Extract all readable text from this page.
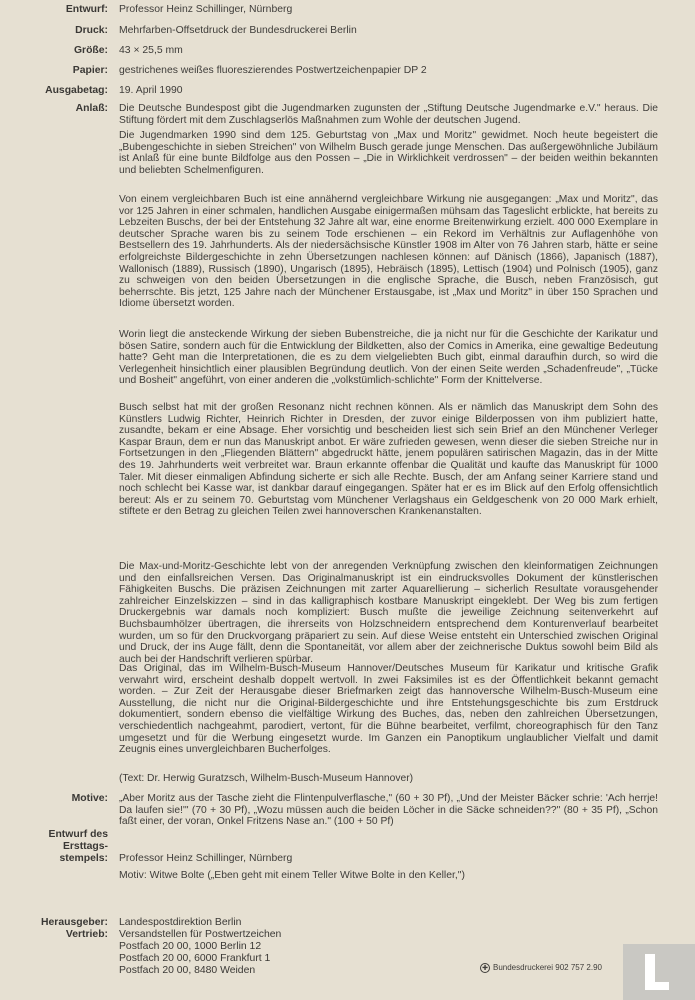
Entwurf: Professor Heinz Schillinger, Nürnberg
Druck: Mehrfarben-Offsetdruck der Bundesdruckerei Berlin
Größe: 43 × 25,5 mm
Papier: gestrichenes weißes fluoreszierendes Postwertzeichenpapier DP 2
Ausgabetag: 19. April 1990
Anlaß: Die Deutsche Bundespost gibt die Jugendmarken zugunsten der „Stiftung Deutsche Jugendmarke e.V." heraus. Die Stiftung fördert mit dem Zuschlagserlös Maßnahmen zum Wohle der deutschen Jugend.

Die Jugendmarken 1990 sind dem 125. Geburtstag von „Max und Moritz" gewidmet. Noch heute begeistert die „Bubengeschichte in sieben Streichen" von Wilhelm Busch gerade junge Menschen. Das außergewöhnliche Jubiläum ist Anlaß für eine bunte Bildfolge aus den Possen – „Die in Wirklichkeit verdrossen" – der beiden weithin bekannten und beliebten Schelmenfiguren.

Von einem vergleichbaren Buch ist eine annähernd vergleichbare Wirkung nie ausgegangen: „Max und Moritz", das vor 125 Jahren in einer schmalen, handlichen Ausgabe einigermaßen mühsam das Tageslicht erblickte, hat bereits zu Lebzeiten Buschs, der bei der Entstehung 32 Jahre alt war, eine enorme Breitenwirkung erzielt. 400 000 Exemplare in deutscher Sprache waren bis zu seinem Tode erschienen – ein Rekord im Verhältnis zur Auflagenhöhe von Bestsellern des 19. Jahrhunderts. Als der niedersächsische Künstler 1908 im Alter von 76 Jahren starb, hätte er seine erfolgreichste Bildergeschichte in zehn Übersetzungen nachlesen können: auf Dänisch (1866), Japanisch (1887), Wallonisch (1889), Russisch (1890), Ungarisch (1895), Hebräisch (1895), Lettisch (1904) und Polnisch (1905), ganz zu schweigen von den beiden Übersetzungen in die englische Sprache, die Busch, neben Französisch, gut beherrschte. Bis jetzt, 125 Jahre nach der Münchener Erstausgabe, ist „Max und Moritz" in über 150 Sprachen und Idiome übersetzt worden.

Worin liegt die ansteckende Wirkung der sieben Bubenstreiche, die ja nicht nur für die Geschichte der Karikatur und bösen Satire, sondern auch für die Entwicklung der Bildketten, also der Comics in Amerika, eine gewaltige Bedeutung hatte? Geht man die Interpretationen, die es zu dem vielgeliebten Buch gibt, einmal daraufhin durch, so wird die Verlegenheit hinsichtlich einer plausiblen Begründung deutlich. Von der einen Seite werden „Schadenfreude", „Tücke und Bosheit" angeführt, von einer anderen die „volkstümlich-schlichte" Form der Knittelverse.

Busch selbst hat mit der großen Resonanz nicht rechnen können. Als er nämlich das Manuskript dem Sohn des Künstlers Ludwig Richter, Heinrich Richter in Dresden, der zuvor einige Bilderpossen von ihm publiziert hatte, zusandte, bekam er eine Absage. Eher vorsichtig und bescheiden liest sich sein Brief an den Münchener Verleger Kaspar Braun, dem er nun das Manuskript anbot. Er wäre zufrieden gewesen, wenn dieser die sieben Streiche nur in Fortsetzungen in den „Fliegenden Blättern" abgedruckt hätte, jenem populären satirischen Magazin, das in der Mitte des 19. Jahrhunderts weit verbreitet war. Braun erkannte offenbar die Qualität und kaufte das Manuskript für 1000 Taler. Mit dieser einmaligen Abfindung sicherte er sich alle Rechte. Busch, der am Anfang seiner Karriere stand und noch schlecht bei Kasse war, ist dankbar darauf eingegangen. Später hat er es im Blick auf den Erfolg offensichtlich bereut: Als er zu seinem 70. Geburtstag vom Münchener Verlagshaus ein Geldgeschenk von 20 000 Mark erhielt, stiftete er den Betrag zu gleichen Teilen zwei hannoverschen Krankenanstalten.

Die Max-und-Moritz-Geschichte lebt von der anregenden Verknüpfung zwischen den kleinformatigen Zeichnungen und den einfallsreichen Versen. Das Originalmanuskript ist ein eindrucksvolles Dokument der künstlerischen Fähigkeiten Buschs. Die präzisen Zeichnungen mit zarter Aquarellierung – sicherlich Resultate vorausgehender zahlreicher Einzelskizzen – sind in das kalligraphisch kostbare Manuskript eingeklebt. Der Weg bis zum fertigen Druckergebnis war damals noch kompliziert: Busch mußte die jeweilige Zeichnung seitenverkehrt auf Buchsbaumhölzer übertragen, die ihrerseits von Holzschneidern entsprechend dem Konturenverlauf bearbeitet wurden, um so für den Druckvorgang präpariert zu sein. Auf diese Weise entsteht ein Unterschied zwischen Original und Druck, der ins Auge fällt, denn die Spontaneität, vor allem aber der zeichnerische Duktus sowohl beim Bild als auch bei der Handschrift verlieren spürbar.

Das Original, das im Wilhelm-Busch-Museum Hannover/Deutsches Museum für Karikatur und kritische Grafik verwahrt wird, erscheint deshalb doppelt wertvoll. In zwei Faksimiles ist es der Öffentlichkeit bekannt gemacht worden. – Zur Zeit der Herausgabe dieser Briefmarken zeigt das hannoversche Wilhelm-Busch-Museum eine Ausstellung, die nicht nur die Original-Bildergeschichte und ihre Entstehungsgeschichte bis zum Erstdruck dokumentiert, sondern ebenso die vielfältige Wirkung des Buches, das, neben den zahlreichen Übersetzungen, verschiedentlich nachgeahmt, parodiert, vertont, für die Bühne bearbeitet, verfilmt, choreographisch für den Tanz umgesetzt und für die Werbung eingesetzt wurde. Im Ganzen ein Panoptikum unglaublicher Vielfalt und damit Zeugnis eines unvergleichbaren Bucherfolges.

(Text: Dr. Herwig Guratzsch, Wilhelm-Busch-Museum Hannover)

Motive: „Aber Moritz aus der Tasche zieht die Flintenpulverflasche," (60 + 30 Pf), „Und der Meister Bäcker schrie: 'Ach herrje! Da laufen sie!'" (70 + 30 Pf), „Wozu müssen auch die beiden Löcher in die Säcke schneiden??" (80 + 35 Pf), „Schon faßt einer, der voran, Onkel Fritzens Nase an." (100 + 50 Pf)

Entwurf des
Ersttags-
stempels: Professor Heinz Schillinger, Nürnberg
Motiv: Witwe Bolte („Eben geht mit einem Teller Witwe Bolte in den Keller,")
Herausgeber: Landespostdirektion Berlin
Vertrieb: Versandstellen für Postwertzeichen
Postfach 20 00, 1000 Berlin 12
Postfach 20 00, 6000 Frankfurt 1
Postfach 20 00, 8480 Weiden	✚ Bundesdruckerei 902 757 2.90
